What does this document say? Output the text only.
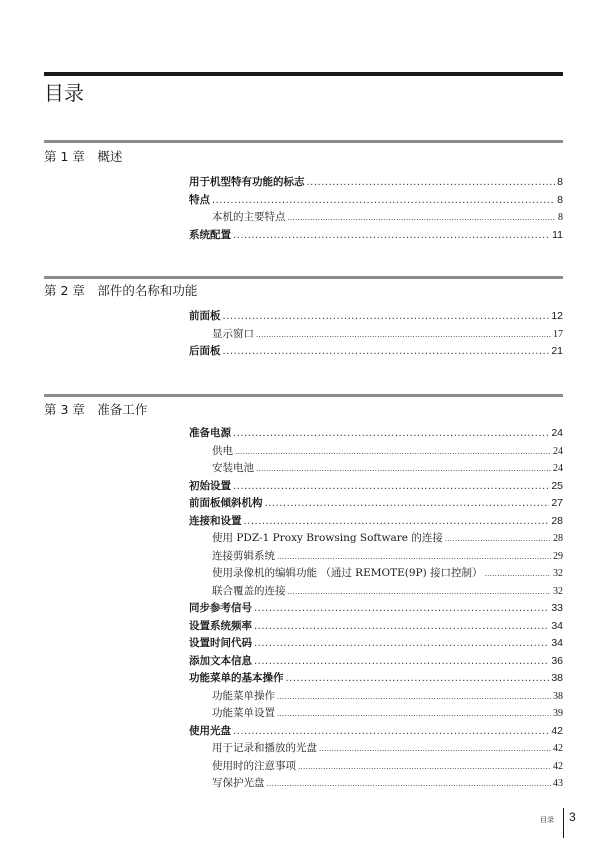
目录
第 1 章　概述
用于机型特有功能的标志 .....	8
特点 .....	8
本机的主要特点 .....	8
系统配置 .....	11
第 2 章　部件的名称和功能
前面板 .....	12
显示窗口 .....	17
后面板 .....	21
第 3 章　准备工作
准备电源 .....	24
供电 .....	24
安装电池 .....	24
初始设置 .....	25
前面板倾斜机构 .....	27
连接和设置 .....	28
使用 PDZ-1 Proxy Browsing Software 的连接 .....	28
连接剪辑系统 .....	29
使用录像机的编辑功能 （通过 REMOTE(9P) 接口控制） .....	32
联合覆盖的连接 .....	32
同步参考信号 .....	33
设置系统频率 .....	34
设置时间代码 .....	34
添加文本信息 .....	36
功能菜单的基本操作 .....	38
功能菜单操作 .....	38
功能菜单设置 .....	39
使用光盘 .....	42
用于记录和播放的光盘 .....	42
使用时的注意事项 .....	42
写保护光盘 .....	43
目录 3
